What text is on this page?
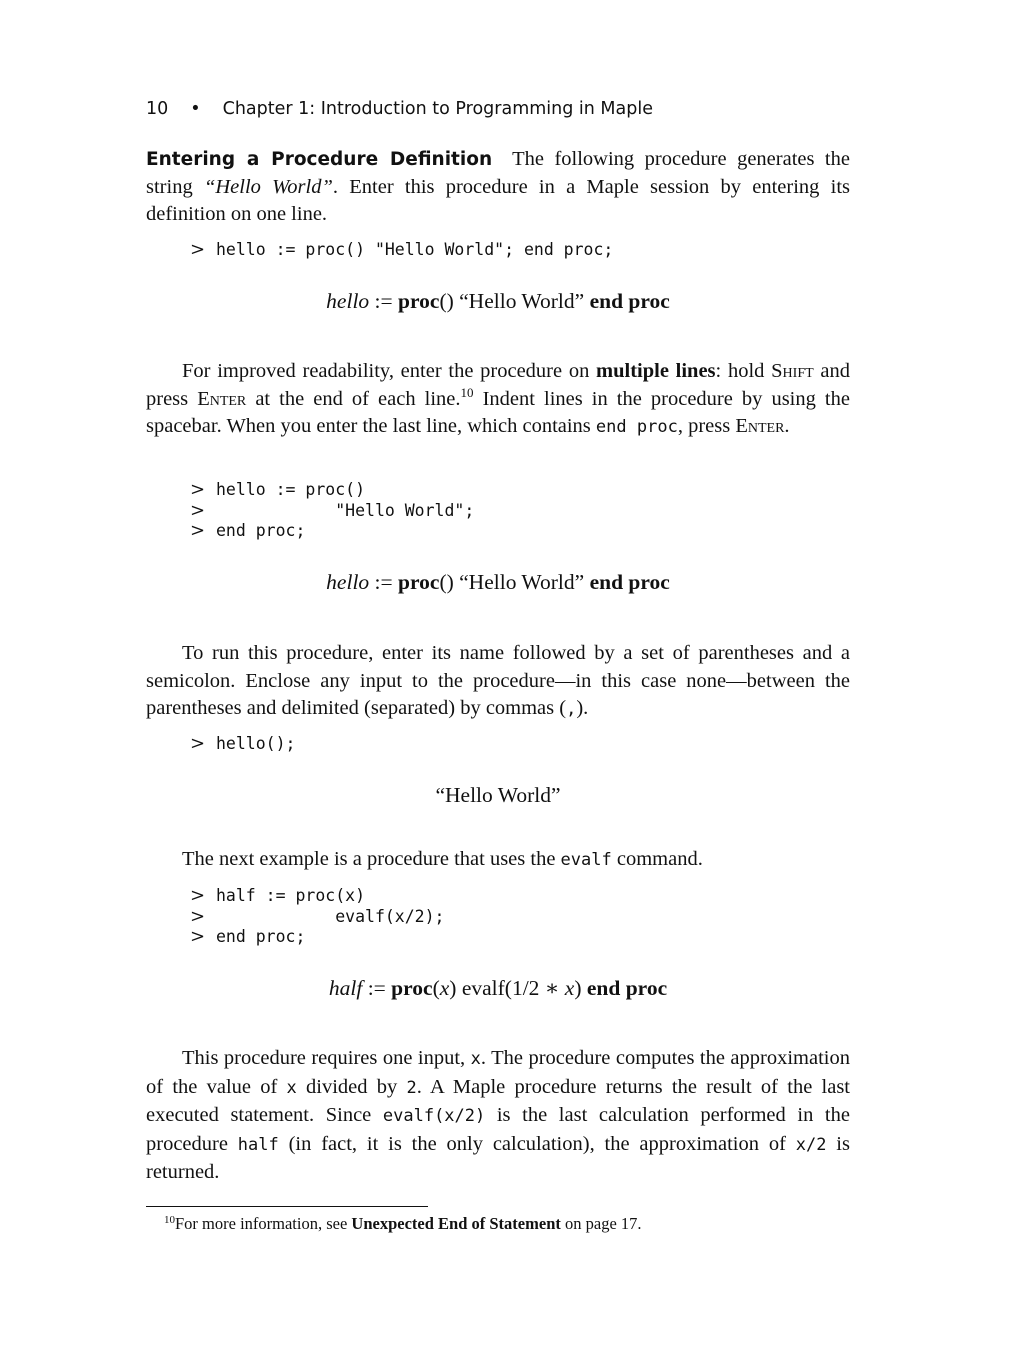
10 • Chapter 1: Introduction to Programming in Maple
Entering a Procedure Definition The following procedure generates the string “Hello World”. Enter this procedure in a Maple session by entering its definition on one line.
> hello := proc() "Hello World"; end proc;
hello := proc() “Hello World” end proc
For improved readability, enter the procedure on multiple lines: hold Shift and press Enter at the end of each line.$^{10}$ Indent lines in the procedure by using the spacebar. When you enter the last line, which contains end proc, press Enter.
> hello := proc()
>            "Hello World";
> end proc;
hello := proc() “Hello World” end proc
To run this procedure, enter its name followed by a set of parentheses and a semicolon. Enclose any input to the procedure—in this case none—between the parentheses and delimited (separated) by commas (,).
> hello();
“Hello World”
The next example is a procedure that uses the evalf command.
> half := proc(x)
>            evalf(x/2);
> end proc;
half := proc(x) evalf(1/2 ∗ x) end proc
This procedure requires one input, x. The procedure computes the approximation of the value of x divided by 2. A Maple procedure returns the result of the last executed statement. Since evalf(x/2) is the last calculation performed in the procedure half (in fact, it is the only calculation), the approximation of x/2 is returned.
$^{10}$For more information, see Unexpected End of Statement on page 17.
